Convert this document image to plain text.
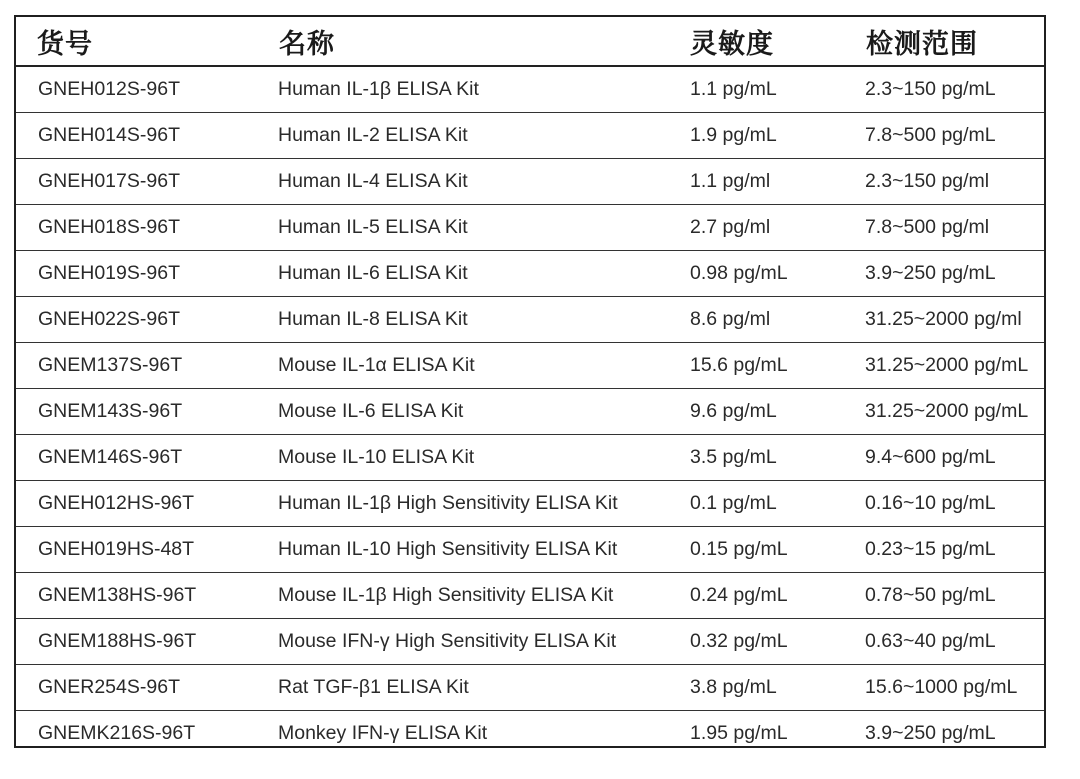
货号	名称	灵敏度	检测范围
GNEH012S-96T	Human IL-1β ELISA Kit	1.1 pg/mL	2.3~150 pg/mL
GNEH014S-96T	Human IL-2 ELISA Kit	1.9 pg/mL	7.8~500 pg/mL
GNEH017S-96T	Human IL-4 ELISA Kit	1.1 pg/ml	2.3~150 pg/ml
GNEH018S-96T	Human IL-5 ELISA Kit	2.7 pg/ml	7.8~500 pg/ml
GNEH019S-96T	Human IL-6 ELISA Kit	0.98 pg/mL	3.9~250 pg/mL
GNEH022S-96T	Human IL-8 ELISA Kit	8.6 pg/ml	31.25~2000 pg/ml
GNEM137S-96T	Mouse IL-1α ELISA Kit	15.6 pg/mL	31.25~2000 pg/mL
GNEM143S-96T	Mouse IL-6 ELISA Kit	9.6 pg/mL	31.25~2000 pg/mL
GNEM146S-96T	Mouse IL-10 ELISA Kit	3.5 pg/mL	9.4~600 pg/mL
GNEH012HS-96T	Human IL-1β High Sensitivity ELISA Kit	0.1 pg/mL	0.16~10 pg/mL
GNEH019HS-48T	Human IL-10 High Sensitivity ELISA Kit	0.15 pg/mL	0.23~15 pg/mL
GNEM138HS-96T	Mouse IL-1β High Sensitivity ELISA Kit	0.24 pg/mL	0.78~50 pg/mL
GNEM188HS-96T	Mouse IFN-γ High Sensitivity ELISA Kit	0.32 pg/mL	0.63~40 pg/mL
GNER254S-96T	Rat TGF-β1 ELISA Kit	3.8 pg/mL	15.6~1000 pg/mL
GNEMK216S-96T	Monkey IFN-γ ELISA Kit	1.95 pg/mL	3.9~250 pg/mL
